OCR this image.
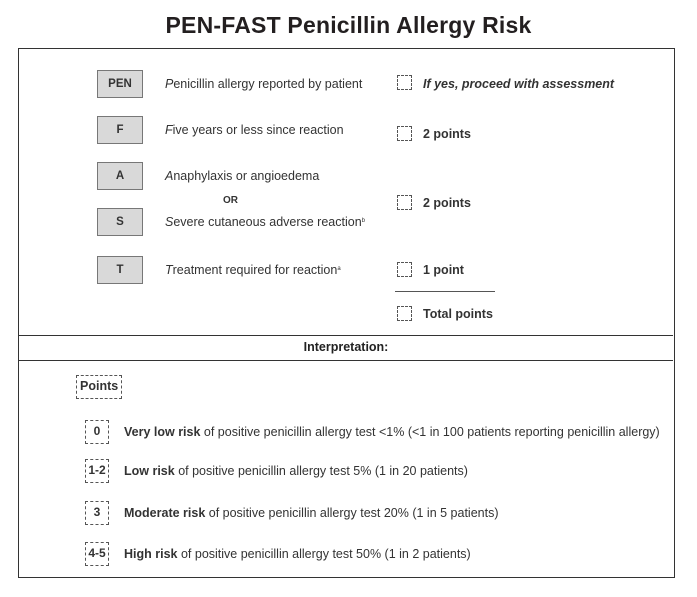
PEN-FAST Penicillin Allergy Risk
PEN	Penicillin allergy reported by patient	If yes, proceed with assessment
F	Five years or less since reaction	2 points
A	Anaphylaxis or angioedema
OR
S	Severe cutaneous adverse reaction$^b$
2 points
T	Treatment required for reaction$^a$	1 point
Total points
Interpretation:
Points
0	Very low risk of positive penicillin allergy test <1% (<1 in 100 patients reporting penicillin allergy)
1-2 Low risk of positive penicillin allergy test 5% (1 in 20 patients)
3	Moderate risk of positive penicillin allergy test 20% (1 in 5 patients)
4-5 High risk of positive penicillin allergy test 50% (1 in 2 patients)
